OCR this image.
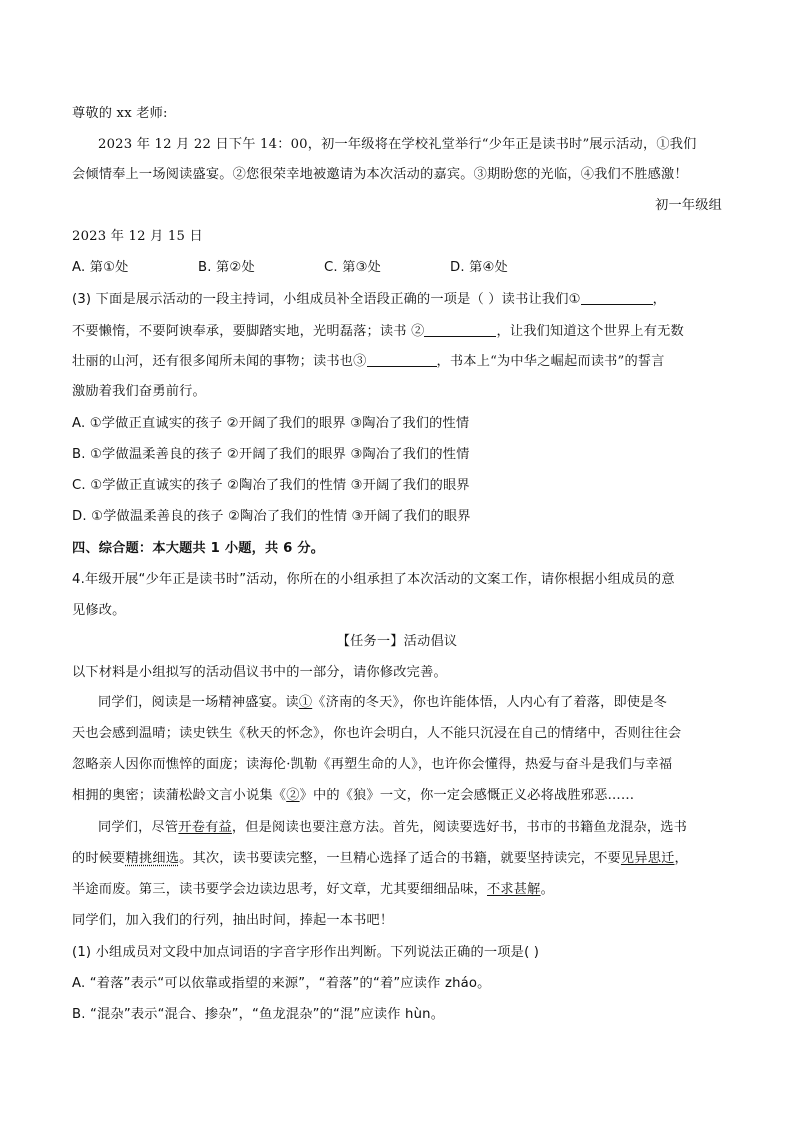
尊敬的 xx 老师:
2023 年 12 月 22 日下午 14：00，初一年级将在学校礼堂举行“少年正是读书时”展示活动，①我们
会倾情奉上一场阅读盛宴。②您很荣幸地被邀请为本次活动的嘉宾。③期盼您的光临，④我们不胜感激！
初一年级组
2023 年 12 月 15 日
A. 第①处	B. 第②处	C. 第③处	D. 第④处
(3) 下面是展示活动的一段主持词，小组成员补全语段正确的一项是（ ）读书让我们①	，
不要懒惰，不要阿谀奉承，要脚踏实地，光明磊落；读书 ②	，让我们知道这个世界上有无数
壮丽的山河，还有很多闻所未闻的事物；读书也③	，书本上“为中华之崛起而读书”的誓言
激励着我们奋勇前行。
A. ①学做正直诚实的孩子 ②开阔了我们的眼界 ③陶冶了我们的性情
B. ①学做温柔善良的孩子 ②开阔了我们的眼界 ③陶冶了我们的性情
C. ①学做正直诚实的孩子 ②陶冶了我们的性情 ③开阔了我们的眼界
D. ①学做温柔善良的孩子 ②陶冶了我们的性情 ③开阔了我们的眼界
四、综合题：本大题共 1 小题，共 6 分。
4.年级开展“少年正是读书时”活动，你所在的小组承担了本次活动的文案工作，请你根据小组成员的意
见修改。
【任务一】活动倡议
以下材料是小组拟写的活动倡议书中的一部分，请你修改完善。
同学们，阅读是一场精神盛宴。读①《济南的冬天》，你也许能体悟，人内心有了着落，即使是冬
天也会感到温晴；读史铁生《秋天的怀念》，你也许会明白，人不能只沉浸在自己的情绪中，否则往往会
忽略亲人因你而憔悴的面庞；读海伦·凯勒《再塑生命的人》，也许你会懂得，热爱与奋斗是我们与幸福
相拥的奥密；读蒲松龄文言小说集《②》中的《狼》一文，你一定会感慨正义必将战胜邪恶……
同学们，尽管开卷有益，但是阅读也要注意方法。首先，阅读要选好书，书市的书籍鱼龙混杂，选书
的时候要精挑细选。其次，读书要读完整，一旦精心选择了适合的书籍，就要坚持读完，不要见异思迁，
半途而废。第三，读书要学会边读边思考，好文章，尤其要细细品味，不求甚解。
同学们，加入我们的行列，抽出时间，捧起一本书吧！
(1) 小组成员对文段中加点词语的字音字形作出判断。下列说法正确的一项是( )
A. “着落”表示“可以依靠或指望的来源”，“着落”的“着”应读作 zháo。
B. “混杂”表示“混合、掺杂”，“鱼龙混杂”的“混”应读作 hùn。
